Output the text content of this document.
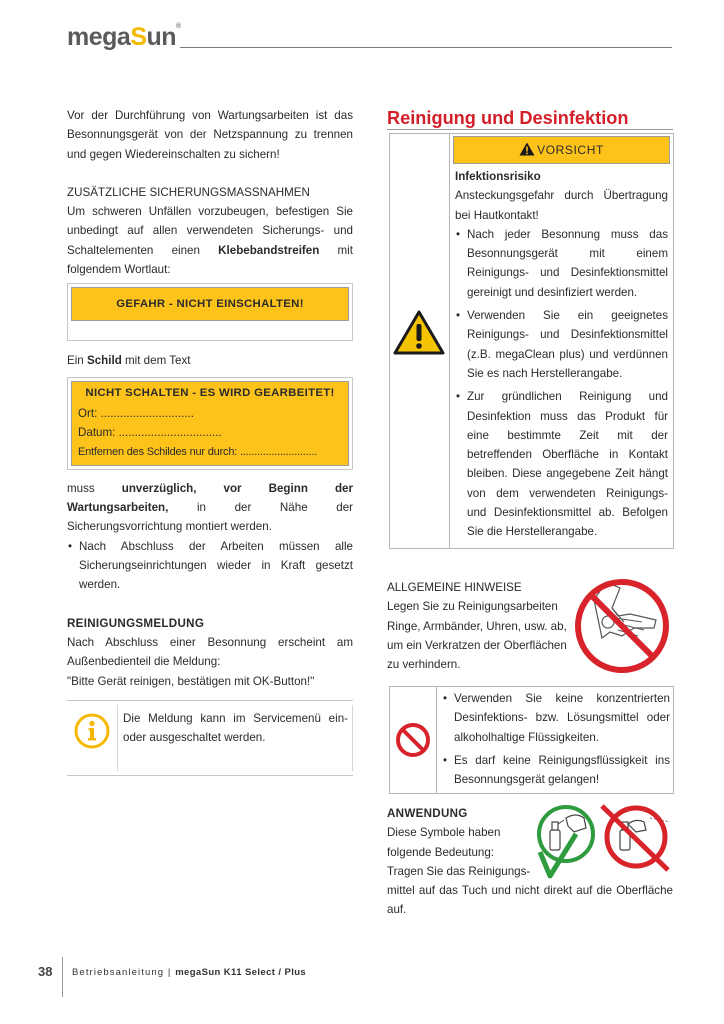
megaSun®

Vor der Durchführung von Wartungsarbeiten ist das Besonnungsgerät von der Netzspannung zu trennen und gegen Wiedereinschalten zu sichern!

ZUSÄTZLICHE SICHERUNGSMASSNAHMEN

Um schweren Unfällen vorzubeugen, befestigen Sie unbedingt auf allen verwendeten Sicherungs- und Schaltelementen einen Klebebandstreifen mit folgendem Wortlaut:

GEFAHR - NICHT EINSCHALTEN!

Ein Schild mit dem Text

NICHT SCHALTEN - ES WIRD GEARBEITET!
Ort: .............................
Datum: ................................
Entfernen des Schildes nur durch: ...........................

muss unverzüglich, vor Beginn der Wartungsarbeiten, in der Nähe der Sicherungsvorrichtung montiert werden.

• Nach Abschluss der Arbeiten müssen alle Sicherungseinrichtungen wieder in Kraft gesetzt werden.

REINIGUNGSMELDUNG

Nach Abschluss einer Besonnung erscheint am Außenbedienteil die Meldung:

"Bitte Gerät reinigen, bestätigen mit OK-Button!"

Die Meldung kann im Servicemenü ein- oder ausgeschaltet werden.
Reinigung und Desinfektion
VORSICHT

Infektionsrisiko

Ansteckungsgefahr durch Übertragung bei Hautkontakt!

• Nach jeder Besonnung muss das Besonnungsgerät mit einem Reinigungs- und Desinfektionsmittel gereinigt und desinfiziert werden.

• Verwenden Sie ein geeignetes Reinigungs- und Desinfektionsmittel (z.B. megaClean plus) und verdünnen Sie es nach Herstellerangabe.

• Zur gründlichen Reinigung und Desinfektion muss das Produkt für eine bestimmte Zeit mit der betreffenden Oberfläche in Kontakt bleiben. Diese angegebene Zeit hängt von dem verwendeten Reinigungs- und Desinfektionsmittel ab. Befolgen Sie die Herstellerangabe.

ALLGEMEINE HINWEISE

Legen Sie zu Reinigungsarbeiten Ringe, Armbänder, Uhren, usw. ab, um ein Verkratzen der Oberflächen zu verhindern.

• Verwenden Sie keine konzentrierten Desinfektions- bzw. Lösungsmittel oder alkoholhaltige Flüssigkeiten.

• Es darf keine Reinigungsflüssigkeit ins Besonnungsgerät gelangen!

ANWENDUNG

Diese Symbole haben

folgende Bedeutung:

Tragen Sie das Reinigungs-

mittel auf das Tuch und nicht direkt auf die Oberfläche auf.

38 Betriebsanleitung | megaSun K11 Select / Plus
